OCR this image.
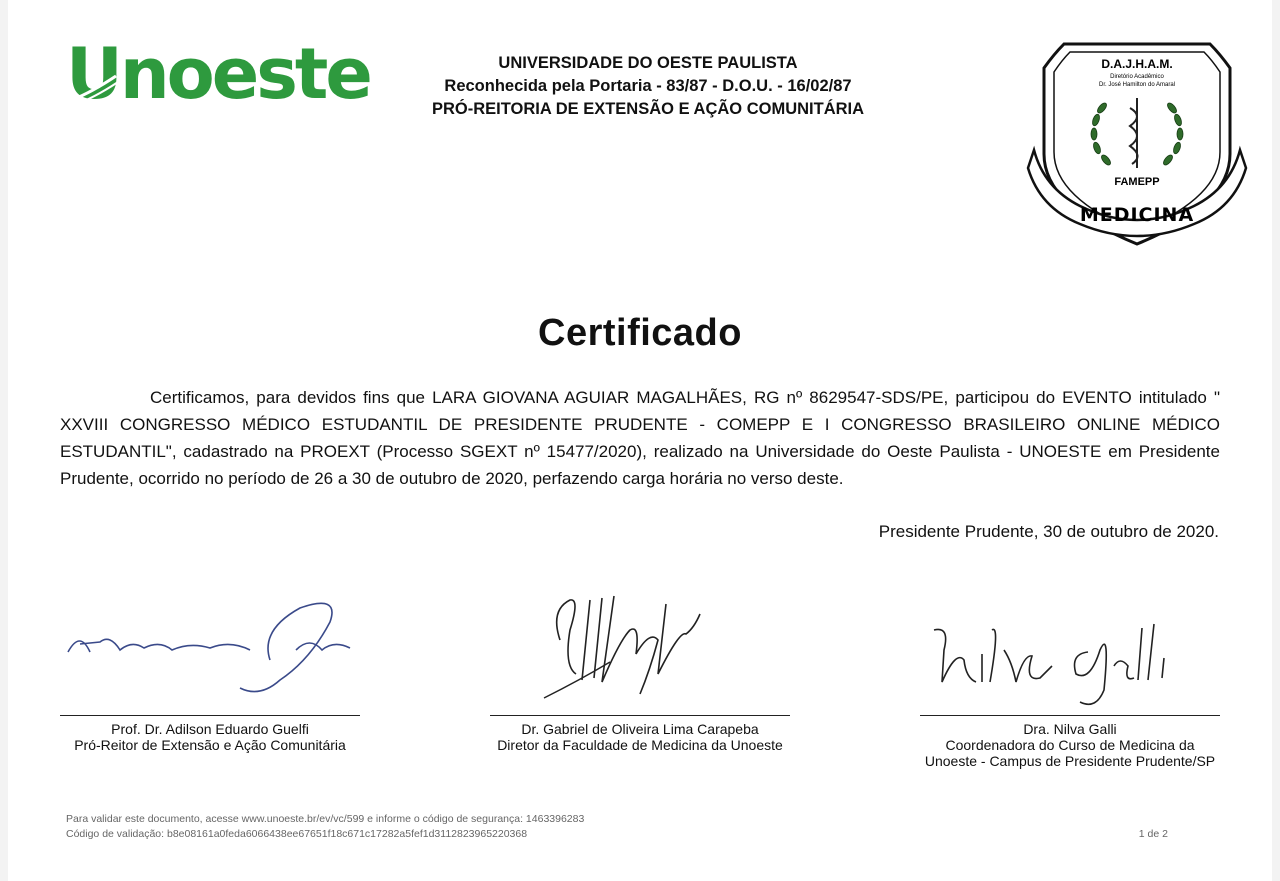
Unoeste	UNIVERSIDADE DO OESTE PAULISTA
Reconhecida pela Portaria - 83/87 - D.O.U. - 16/02/87
PRÓ-REITORIA DE EXTENSÃO E AÇÃO COMUNITÁRIA
D.A.J.H.A.M.
Diretório Acadêmico
Dr. José Hamilton do Amaral
FAMEPP
MEDICINA
Certificado
Certificamos, para devidos fins que LARA GIOVANA AGUIAR MAGALHÃES, RG nº 8629547-SDS/PE, participou do EVENTO intitulado " XXVIII CONGRESSO MÉDICO ESTUDANTIL DE PRESIDENTE PRUDENTE - COMEPP E I CONGRESSO BRASILEIRO ONLINE MÉDICO ESTUDANTIL", cadastrado na PROEXT (Processo SGEXT nº 15477/2020), realizado na Universidade do Oeste Paulista - UNOESTE em Presidente Prudente, ocorrido no período de 26 a 30 de outubro de 2020, perfazendo carga horária no verso deste.
Presidente Prudente, 30 de outubro de 2020.
Prof. Dr. Adilson Eduardo Guelfi
Pró-Reitor de Extensão e Ação Comunitária
Dr. Gabriel de Oliveira Lima Carapeba
Diretor da Faculdade de Medicina da Unoeste
Dra. Nilva Galli
Coordenadora do Curso de Medicina da Unoeste - Campus de Presidente Prudente/SP
Para validar este documento, acesse www.unoeste.br/ev/vc/599 e informe o código de segurança: 1463396283
Código de validação: b8e08161a0feda6066438ee67651f18c671c17282a5fef1d3112823965220368	1 de 2
